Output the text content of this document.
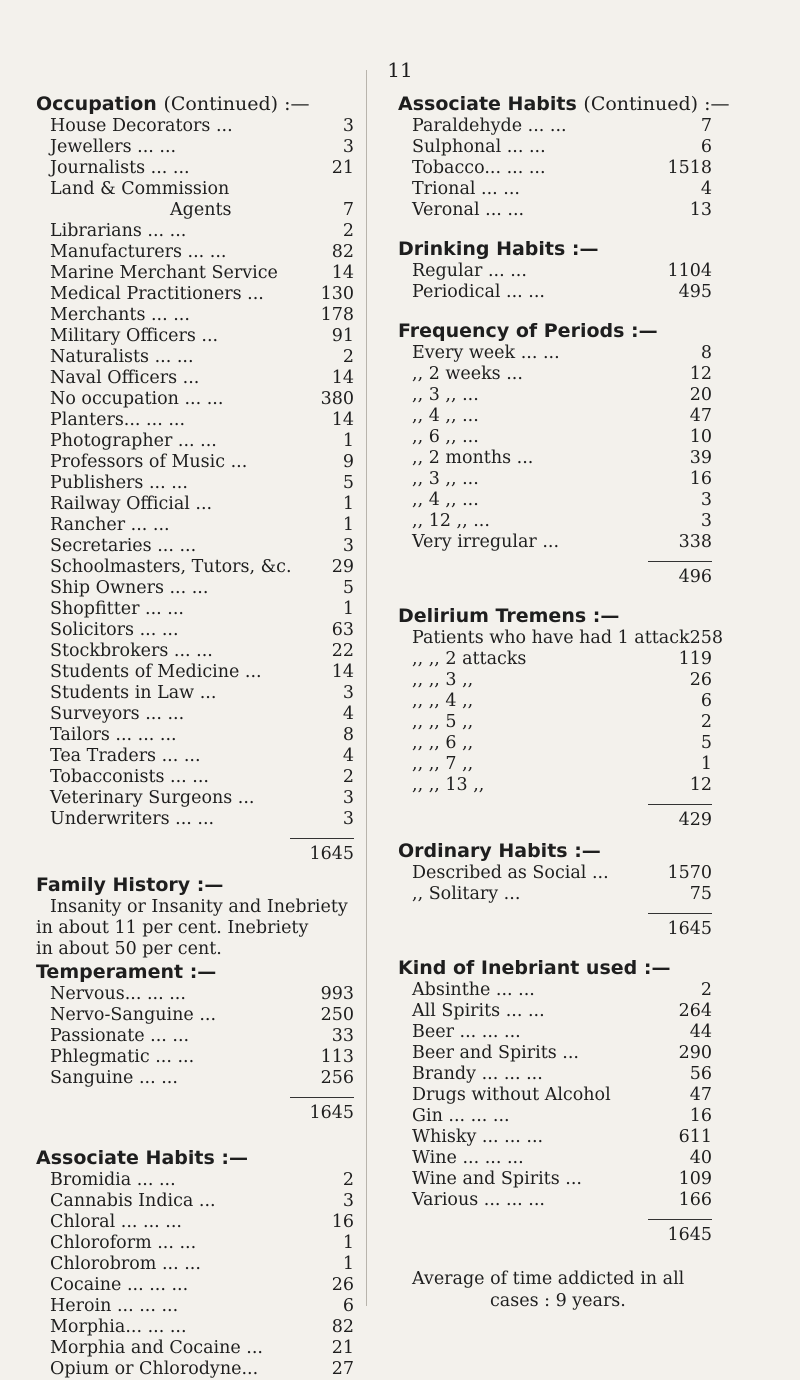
11
Occupation (Continued) :—
House Decorators ...	3
Jewellers ... ...	3
Journalists ... ...	21
Land & Commission
Agents	7
Librarians ... ...	2
Manufacturers ... ...	82
Marine Merchant Service	14
Medical Practitioners ...	130
Merchants ... ...	178
Military Officers ...	91
Naturalists ... ...	2
Naval Officers ...	14
No occupation ... ...	380
Planters... ... ...	14
Photographer ... ...	1
Professors of Music ...	9
Publishers ... ...	5
Railway Official ...	1
Rancher ... ...	1
Secretaries ... ...	3
Schoolmasters, Tutors, &c. 29
Ship Owners ... ...	5
Shopfitter ... ...	1
Solicitors ... ...	63
Stockbrokers ... ...	22
Students of Medicine ...	14
Students in Law ...	3
Surveyors ... ...	4
Tailors ... ... ...	8
Tea Traders ... ...	4
Tobacconists ... ...	2
Veterinary Surgeons ...	3
Underwriters ... ...	3
1645
Family History :—
Insanity or Insanity and Inebriety
in about 11 per cent. Inebriety
in about 50 per cent.
Temperament :—
Nervous... ... ...	993
Nervo-Sanguine ...	250
Passionate ... ...	33
Phlegmatic ... ...	113
Sanguine ... ...	256
1645
Associate Habits :—
Bromidia ... ...	2
Cannabis Indica ...	3
Chloral ... ... ...	16
Chloroform ... ...	1
Chlorobrom ... ...	1
Cocaine ... ... ...	26
Heroin ... ... ...	6
Morphia... ... ...	82
Morphia and Cocaine ...	21
Opium or Chlorodyne...	27
Associate Habits (Continued) :—
Paraldehyde ... ...	7
Sulphonal ... ...	6
Tobacco... ... ...	1518
Trional ... ...	4
Veronal ... ...	13
Drinking Habits :—
Regular ... ...	1104
Periodical ... ...	495
Frequency of Periods :—
Every week ... ...	8
,, 2 weeks ...	12
,, 3 ,, ...	20
,, 4 ,, ...	47
,, 6 ,, ...	10
,, 2 months ...	39
,, 3 ,, ...	16
,, 4 ,, ...	3
,, 12 ,, ...	3
Very irregular ...	338
496
Delirium Tremens :—
Patients who have had 1 attack 258
,, ,, 2 attacks	119
,, ,, 3 ,,	26
,, ,, 4 ,,	6
,, ,, 5 ,,	2
,, ,, 6 ,,	5
,, ,, 7 ,,	1
,, ,, 13 ,,	12
429
Ordinary Habits :—
Described as Social ...	1570
,, Solitary ...	75
1645
Kind of Inebriant used :—
Absinthe ... ...	2
All Spirits ... ...	264
Beer ... ... ...	44
Beer and Spirits ...	290
Brandy ... ... ...	56
Drugs without Alcohol	47
Gin ... ... ...	16
Whisky ... ... ...	611
Wine ... ... ...	40
Wine and Spirits ...	109
Various ... ... ...	166
1645
Average of time addicted in all
cases : 9 years.
